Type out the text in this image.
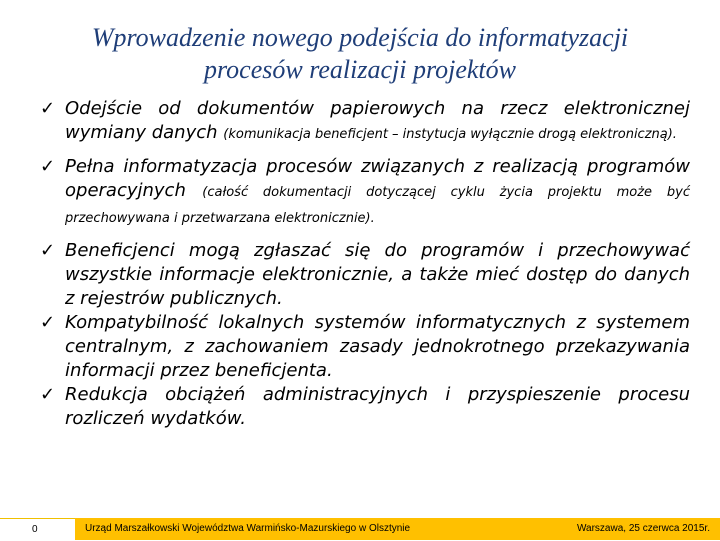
Wprowadzenie nowego podejścia do informatyzacji
procesów realizacji projektów
✓ Odejście od dokumentów papierowych na rzecz elektronicznej wymiany danych (komunikacja beneficjent – instytucja wyłącznie drogą elektroniczną).
✓ Pełna informatyzacja procesów związanych z realizacją programów operacyjnych (całość dokumentacji dotyczącej cyklu życia projektu może być przechowywana i przetwarzana elektronicznie).
✓ Beneficjenci mogą zgłaszać się do programów i przechowywać wszystkie informacje elektronicznie, a także mieć dostęp do danych z rejestrów publicznych.
✓ Kompatybilność lokalnych systemów informatycznych z systemem centralnym, z zachowaniem zasady jednokrotnego przekazywania informacji przez beneficjenta.
✓ Redukcja obciążeń administracyjnych i przyspieszenie procesu rozliczeń wydatków.
0	Urząd Marszałkowski Województwa Warmińsko-Mazurskiego w Olsztynie	Warszawa, 25 czerwca 2015r.
